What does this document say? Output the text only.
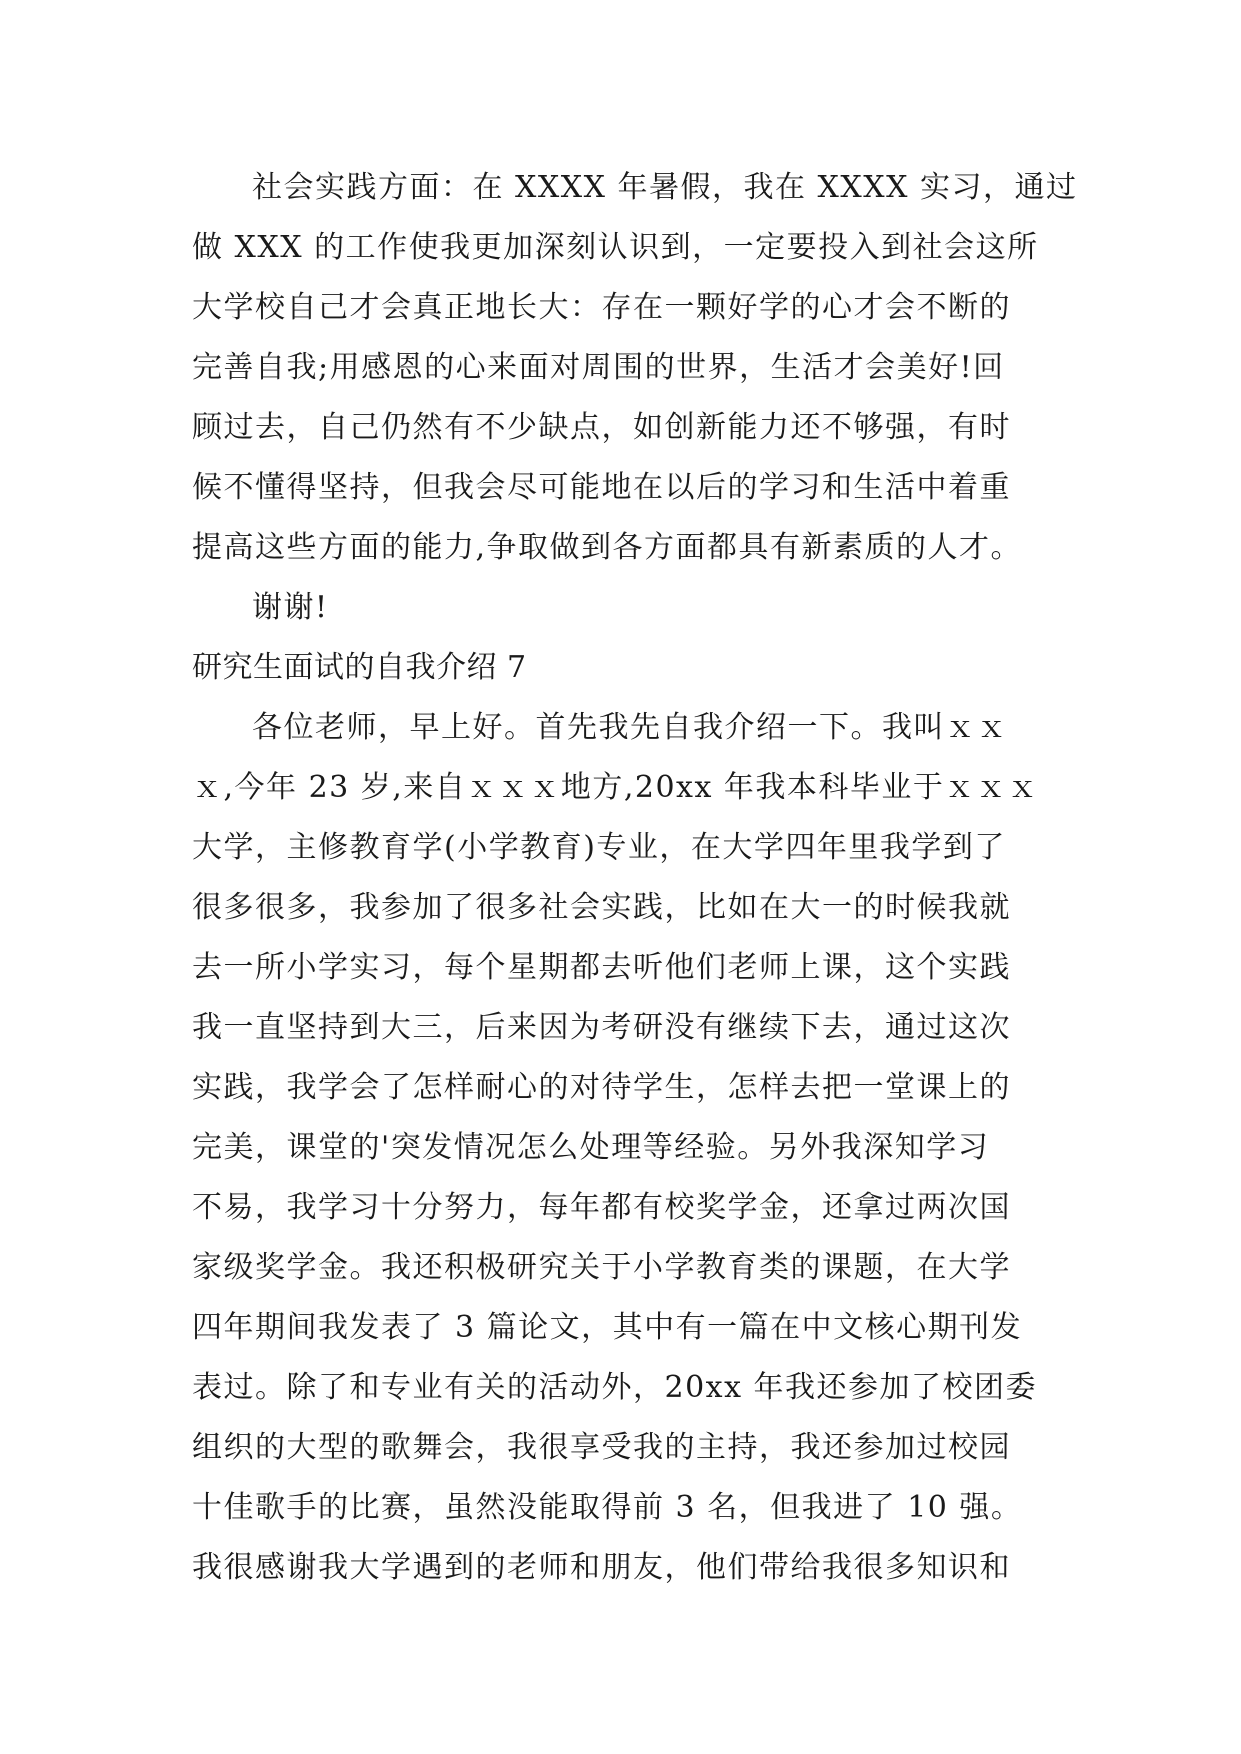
社会实践方面：在 XXXX 年暑假，我在 XXXX 实习，通过
做 XXX 的工作使我更加深刻认识到，一定要投入到社会这所
大学校自己才会真正地长大：存在一颗好学的心才会不断的
完善自我;用感恩的心来面对周围的世界，生活才会美好!回
顾过去，自己仍然有不少缺点，如创新能力还不够强，有时
候不懂得坚持，但我会尽可能地在以后的学习和生活中着重
提高这些方面的能力,争取做到各方面都具有新素质的人才。
谢谢!
研究生面试的自我介绍 7
各位老师，早上好。首先我先自我介绍一下。我叫ｘｘ
ｘ,今年 23 岁,来自ｘｘｘ地方,20xx 年我本科毕业于ｘｘｘ
大学，主修教育学(小学教育)专业，在大学四年里我学到了
很多很多，我参加了很多社会实践，比如在大一的时候我就
去一所小学实习，每个星期都去听他们老师上课，这个实践
我一直坚持到大三，后来因为考研没有继续下去，通过这次
实践，我学会了怎样耐心的对待学生，怎样去把一堂课上的
完美，课堂的'突发情况怎么处理等经验。另外我深知学习
不易，我学习十分努力，每年都有校奖学金，还拿过两次国
家级奖学金。我还积极研究关于小学教育类的课题，在大学
四年期间我发表了 3 篇论文，其中有一篇在中文核心期刊发
表过。除了和专业有关的活动外，20xx 年我还参加了校团委
组织的大型的歌舞会，我很享受我的主持，我还参加过校园
十佳歌手的比赛，虽然没能取得前 3 名，但我进了 10 强。
我很感谢我大学遇到的老师和朋友，他们带给我很多知识和
